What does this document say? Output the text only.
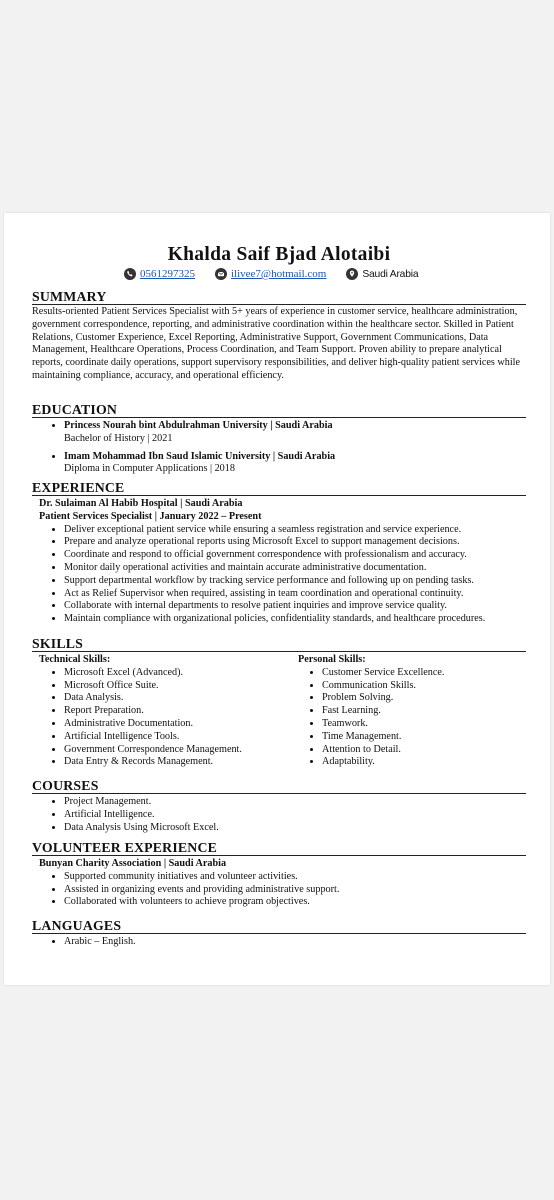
Khalda Saif Bjad Alotaibi
0561297325	ilivee7@hotmail.com	Saudi Arabia
SUMMARY
Results-oriented Patient Services Specialist with 5+ years of experience in customer service, healthcare administration, government correspondence, reporting, and administrative coordination within the healthcare sector. Skilled in Patient Relations, Customer Experience, Excel Reporting, Administrative Support, Government Communications, Data Management, Healthcare Operations, Process Coordination, and Team Support. Proven ability to prepare analytical reports, coordinate daily operations, support supervisory responsibilities, and deliver high-quality patient services while maintaining compliance, accuracy, and operational efficiency.
EDUCATION
• Princess Nourah bint Abdulrahman University | Saudi Arabia
Bachelor of History | 2021
• Imam Mohammad Ibn Saud Islamic University | Saudi Arabia
Diploma in Computer Applications | 2018
EXPERIENCE
Dr. Sulaiman Al Habib Hospital | Saudi Arabia
Patient Services Specialist | January 2022 – Present
• Deliver exceptional patient service while ensuring a seamless registration and service experience.
• Prepare and analyze operational reports using Microsoft Excel to support management decisions.
• Coordinate and respond to official government correspondence with professionalism and accuracy.
• Monitor daily operational activities and maintain accurate administrative documentation.
• Support departmental workflow by tracking service performance and following up on pending tasks.
• Act as Relief Supervisor when required, assisting in team coordination and operational continuity.
• Collaborate with internal departments to resolve patient inquiries and improve service quality.
• Maintain compliance with organizational policies, confidentiality standards, and healthcare procedures.
SKILLS
Technical Skills:
• Microsoft Excel (Advanced).
• Microsoft Office Suite.
• Data Analysis.
• Report Preparation.
• Administrative Documentation.
• Artificial Intelligence Tools.
• Government Correspondence Management.
• Data Entry & Records Management.
Personal Skills:
• Customer Service Excellence.
• Communication Skills.
• Problem Solving.
• Fast Learning.
• Teamwork.
• Time Management.
• Attention to Detail.
• Adaptability.
COURSES
• Project Management.
• Artificial Intelligence.
• Data Analysis Using Microsoft Excel.
VOLUNTEER EXPERIENCE
Bunyan Charity Association | Saudi Arabia
• Supported community initiatives and volunteer activities.
• Assisted in organizing events and providing administrative support.
• Collaborated with volunteers to achieve program objectives.
LANGUAGES
• Arabic – English.
